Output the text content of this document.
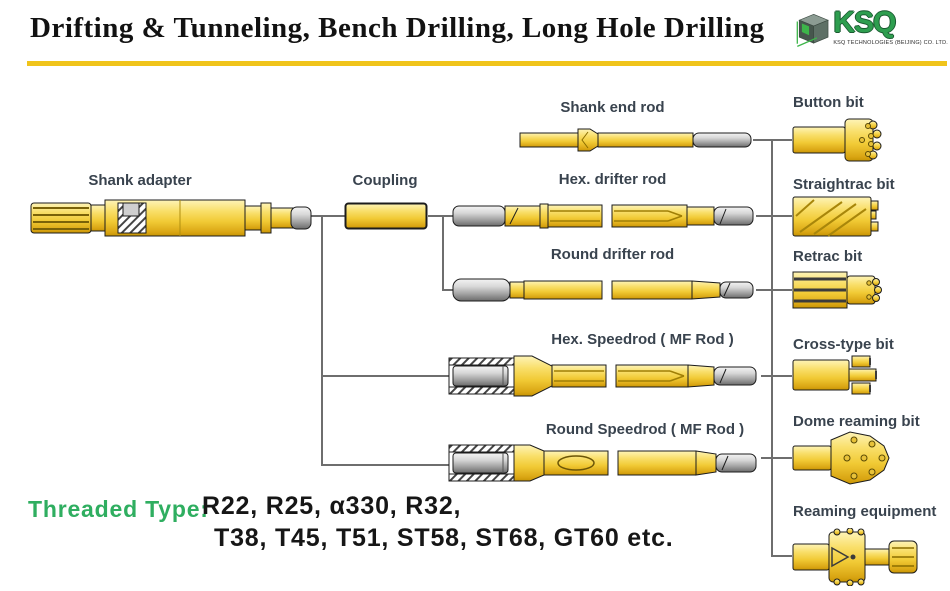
Drifting & Tunneling, Bench Drilling, Long Hole Drilling KSQ
KSQ TECHNOLOGIES (BEIJING) CO. LTD.
Shank adapter	Coupling
Shank end rod
Hex. drifter rod
Round drifter rod
Hex. Speedrod ( MF Rod )
Round Speedrod ( MF Rod )
Button bit
Straightrac bit
Retrac bit
Cross-type bit
Dome reaming bit
Reaming equipment
Threaded Type:
R22, R25, α330, R32,
T38, T45, T51, ST58, ST68, GT60 etc.
